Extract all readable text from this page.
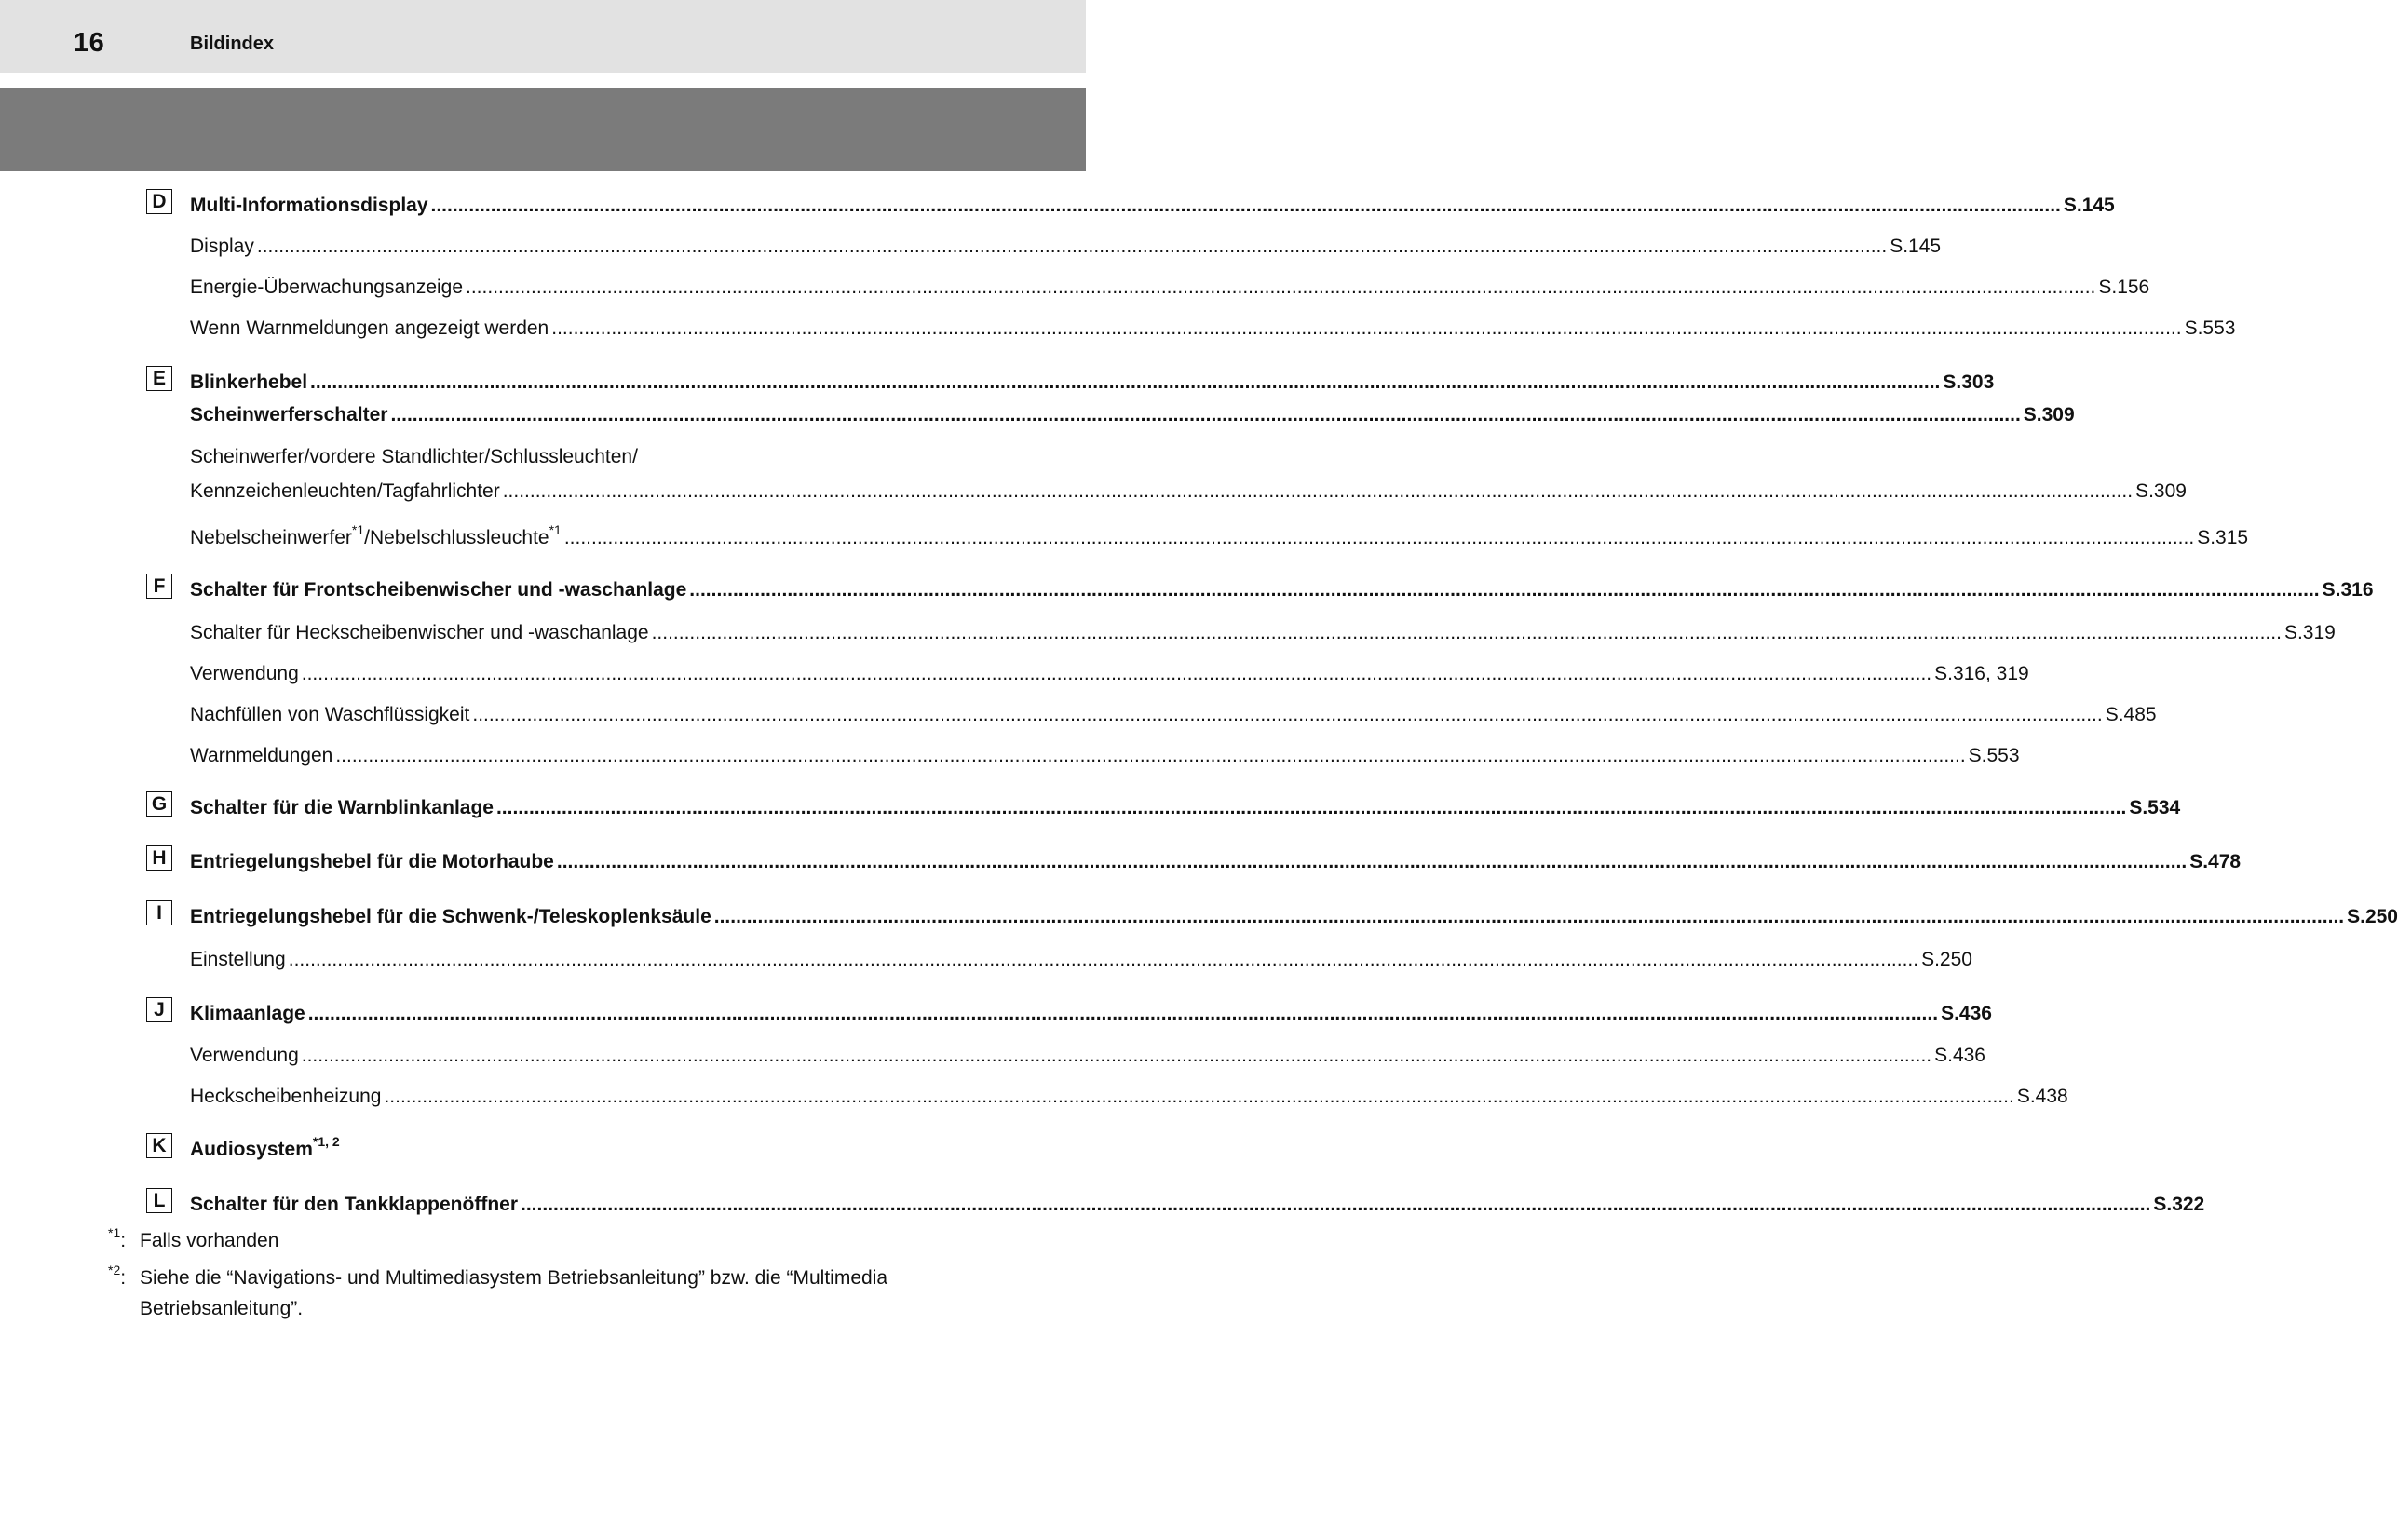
16	Bildindex
D	Multi-Informationsdisplay ............................................................................................................................................................................................................................................................................................................ S.145
Display ............................................................................................................................................................................................................................................................................................................ S.145
Energie-Überwachungsanzeige ............................................................................................................................................................................................................................................................................................................ S.156
Wenn Warnmeldungen angezeigt werden ............................................................................................................................................................................................................................................................................................................ S.553
E	Blinkerhebel ............................................................................................................................................................................................................................................................................................................ S.303
Scheinwerferschalter ............................................................................................................................................................................................................................................................................................................ S.309
Scheinwerfer/vordere Standlichter/Schlussleuchten/
Kennzeichenleuchten/Tagfahrlichter ............................................................................................................................................................................................................................................................................................................ S.309
Nebelscheinwerfer$^{*1}$/Nebelschlussleuchte$^{*1}$ ............................................................................................................................................................................................................................................................................................................ S.315
F	Schalter für Frontscheibenwischer und -waschanlage ............................................................................................................................................................................................................................................................................................................ S.316
Schalter für Heckscheibenwischer und -waschanlage ............................................................................................................................................................................................................................................................................................................ S.319
Verwendung ............................................................................................................................................................................................................................................................................................................ S.316, 319
Nachfüllen von Waschflüssigkeit ............................................................................................................................................................................................................................................................................................................ S.485
Warnmeldungen ............................................................................................................................................................................................................................................................................................................ S.553
G Schalter für die Warnblinkanlage ............................................................................................................................................................................................................................................................................................................ S.534
H	Entriegelungshebel für die Motorhaube ............................................................................................................................................................................................................................................................................................................ S.478
I	Entriegelungshebel für die Schwenk-/Teleskoplenksäule ............................................................................................................................................................................................................................................................................................................ S.250
Einstellung ............................................................................................................................................................................................................................................................................................................ S.250
J	Klimaanlage ............................................................................................................................................................................................................................................................................................................ S.436
Verwendung ............................................................................................................................................................................................................................................................................................................ S.436
Heckscheibenheizung ............................................................................................................................................................................................................................................................................................................ S.438
K	Audiosystem$^{*1, 2}$
L	Schalter für den Tankklappenöffner ............................................................................................................................................................................................................................................................................................................ S.322
$^{*1}$: Falls vorhanden
$^{*2}$: Siehe die “Navigations- und Multimediasystem Betriebsanleitung” bzw. die “Multimedia Betriebsanleitung”.
